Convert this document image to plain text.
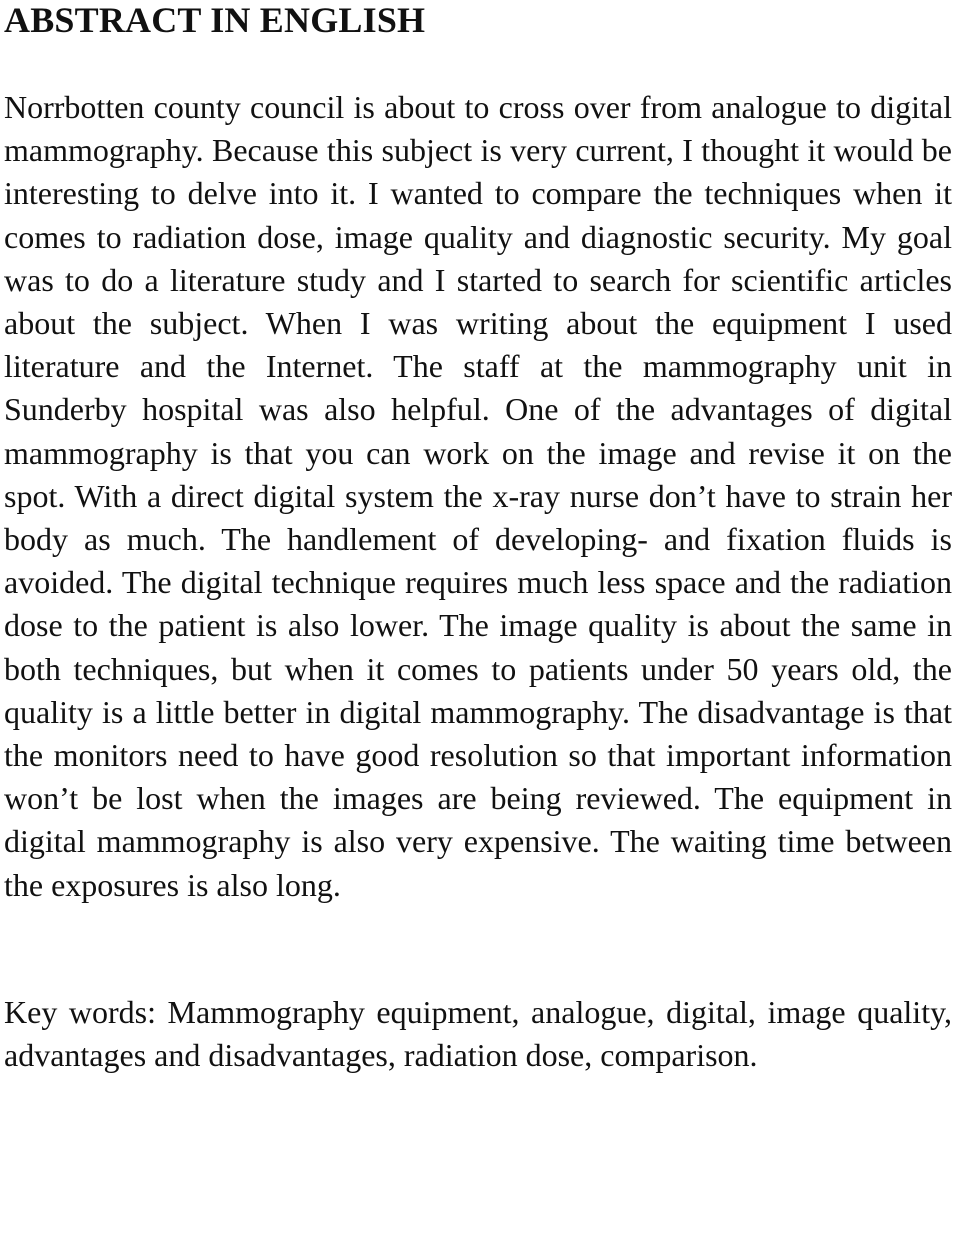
ABSTRACT IN ENGLISH

Norrbotten county council is about to cross over from analogue to digital mammography. Because this subject is very current, I thought it would be interesting to delve into it. I wanted to compare the techniques when it comes to radiation dose, image quality and diagnostic security. My goal was to do a literature study and I started to search for scientific articles about the subject. When I was writing about the equipment I used literature and the Internet. The staff at the mammography unit in Sunderby hospital was also helpful. One of the advantages of digital mammography is that you can work on the image and revise it on the spot. With a direct digital system the x-ray nurse don’t have to strain her body as much. The handlement of developing- and fixation fluids is avoided. The digital technique requires much less space and the radiation dose to the patient is also lower. The image quality is about the same in both techniques, but when it comes to patients under 50 years old, the quality is a little better in digital mammography. The disadvantage is that the monitors need to have good resolution so that important information won’t be lost when the images are being reviewed. The equipment in digital mammography is also very expensive. The waiting time between the exposures is also long.

Key words: Mammography equipment, analogue, digital, image quality, advantages and disadvantages, radiation dose, comparison.
